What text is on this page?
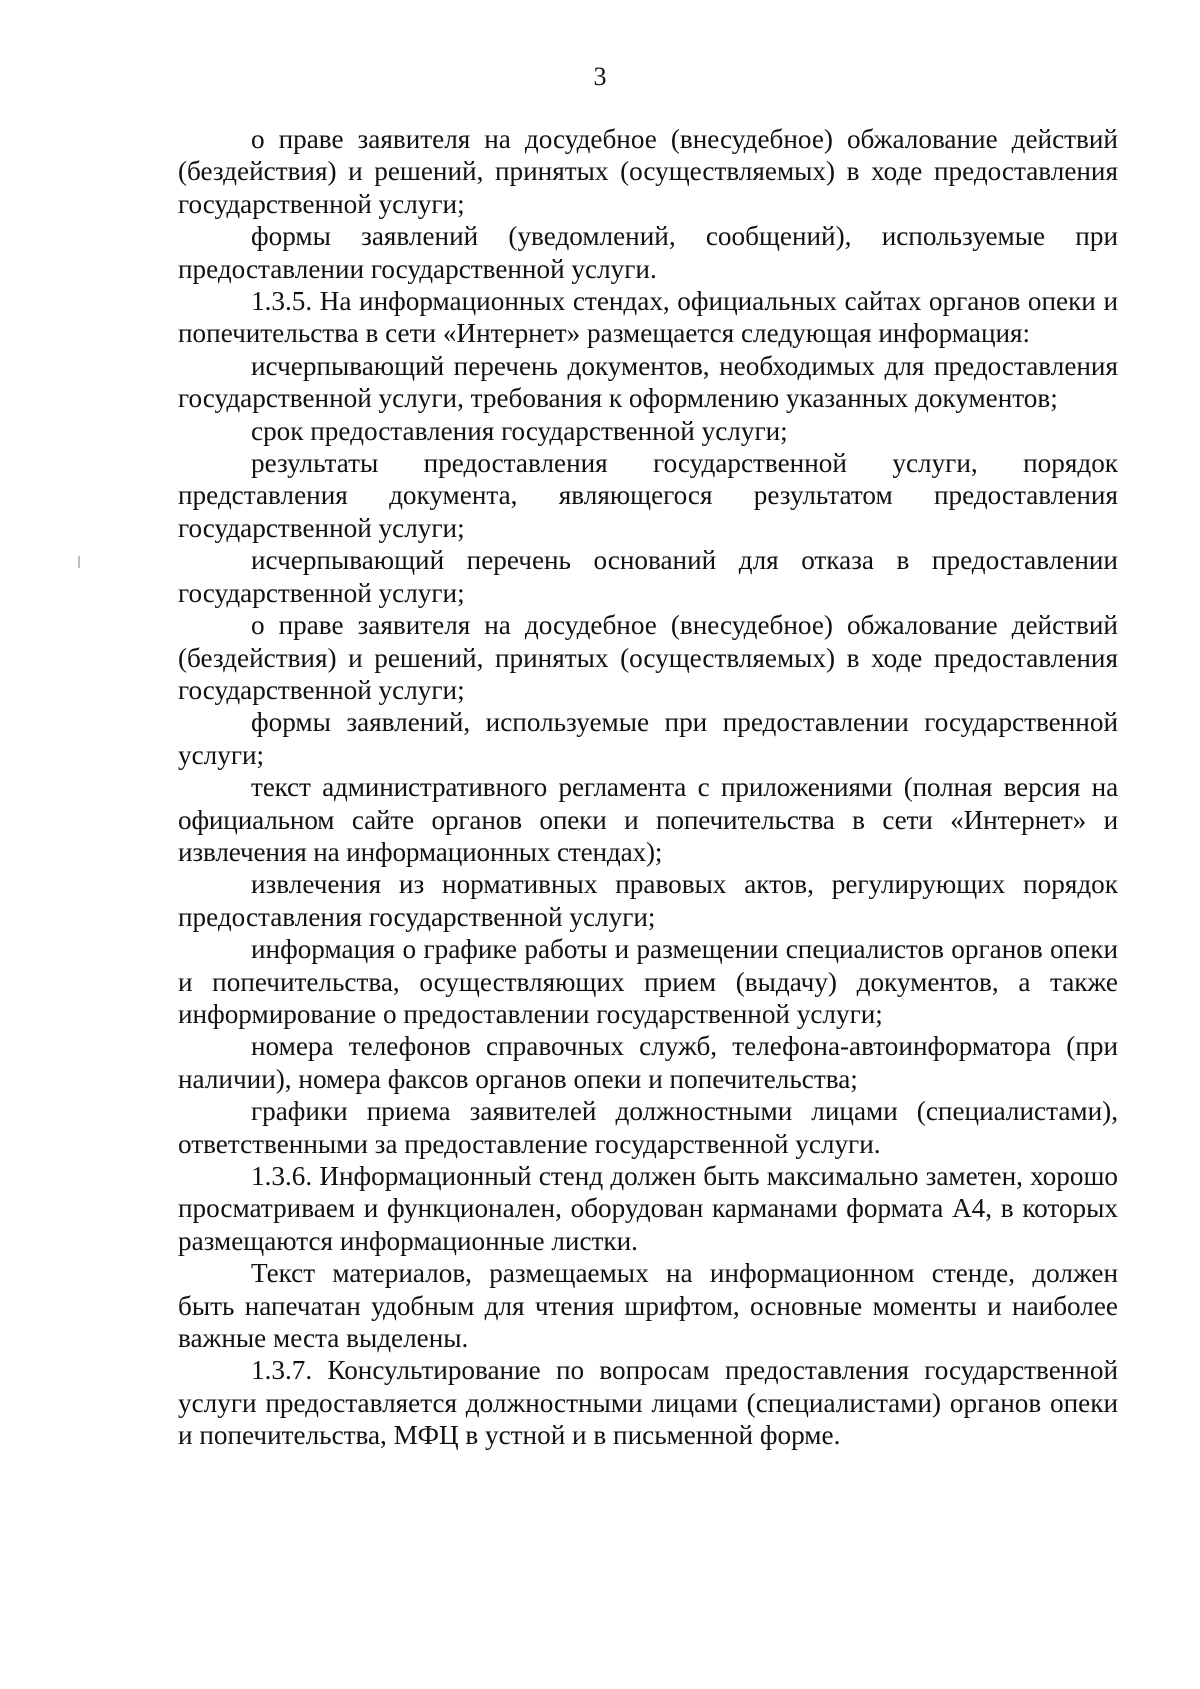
3

о праве заявителя на досудебное (внесудебное) обжалование действий (бездействия) и решений, принятых (осуществляемых) в ходе предоставления государственной услуги;

формы заявлений (уведомлений, сообщений), используемые при предоставлении государственной услуги.

1.3.5. На информационных стендах, официальных сайтах органов опеки и попечительства в сети «Интернет» размещается следующая информация:

исчерпывающий перечень документов, необходимых для предоставления государственной услуги, требования к оформлению указанных документов;

срок предоставления государственной услуги;

результаты предоставления государственной услуги, порядок представления документа, являющегося результатом предоставления государственной услуги;

исчерпывающий перечень оснований для отказа в предоставлении государственной услуги;

о праве заявителя на досудебное (внесудебное) обжалование действий (бездействия) и решений, принятых (осуществляемых) в ходе предоставления государственной услуги;

формы заявлений, используемые при предоставлении государственной услуги;

текст административного регламента с приложениями (полная версия на официальном сайте органов опеки и попечительства в сети «Интернет» и извлечения на информационных стендах);

извлечения из нормативных правовых актов, регулирующих порядок предоставления государственной услуги;

информация о графике работы и размещении специалистов органов опеки и попечительства, осуществляющих прием (выдачу) документов, а также информирование о предоставлении государственной услуги;

номера телефонов справочных служб, телефона-автоинформатора (при наличии), номера факсов органов опеки и попечительства;

графики приема заявителей должностными лицами (специалистами), ответственными за предоставление государственной услуги.

1.3.6. Информационный стенд должен быть максимально заметен, хорошо просматриваем и функционален, оборудован карманами формата А4, в которых размещаются информационные листки.

Текст материалов, размещаемых на информационном стенде, должен быть напечатан удобным для чтения шрифтом, основные моменты и наиболее важные места выделены.

1.3.7. Консультирование по вопросам предоставления государственной услуги предоставляется должностными лицами (специалистами) органов опеки и попечительства, МФЦ в устной и в письменной форме.
